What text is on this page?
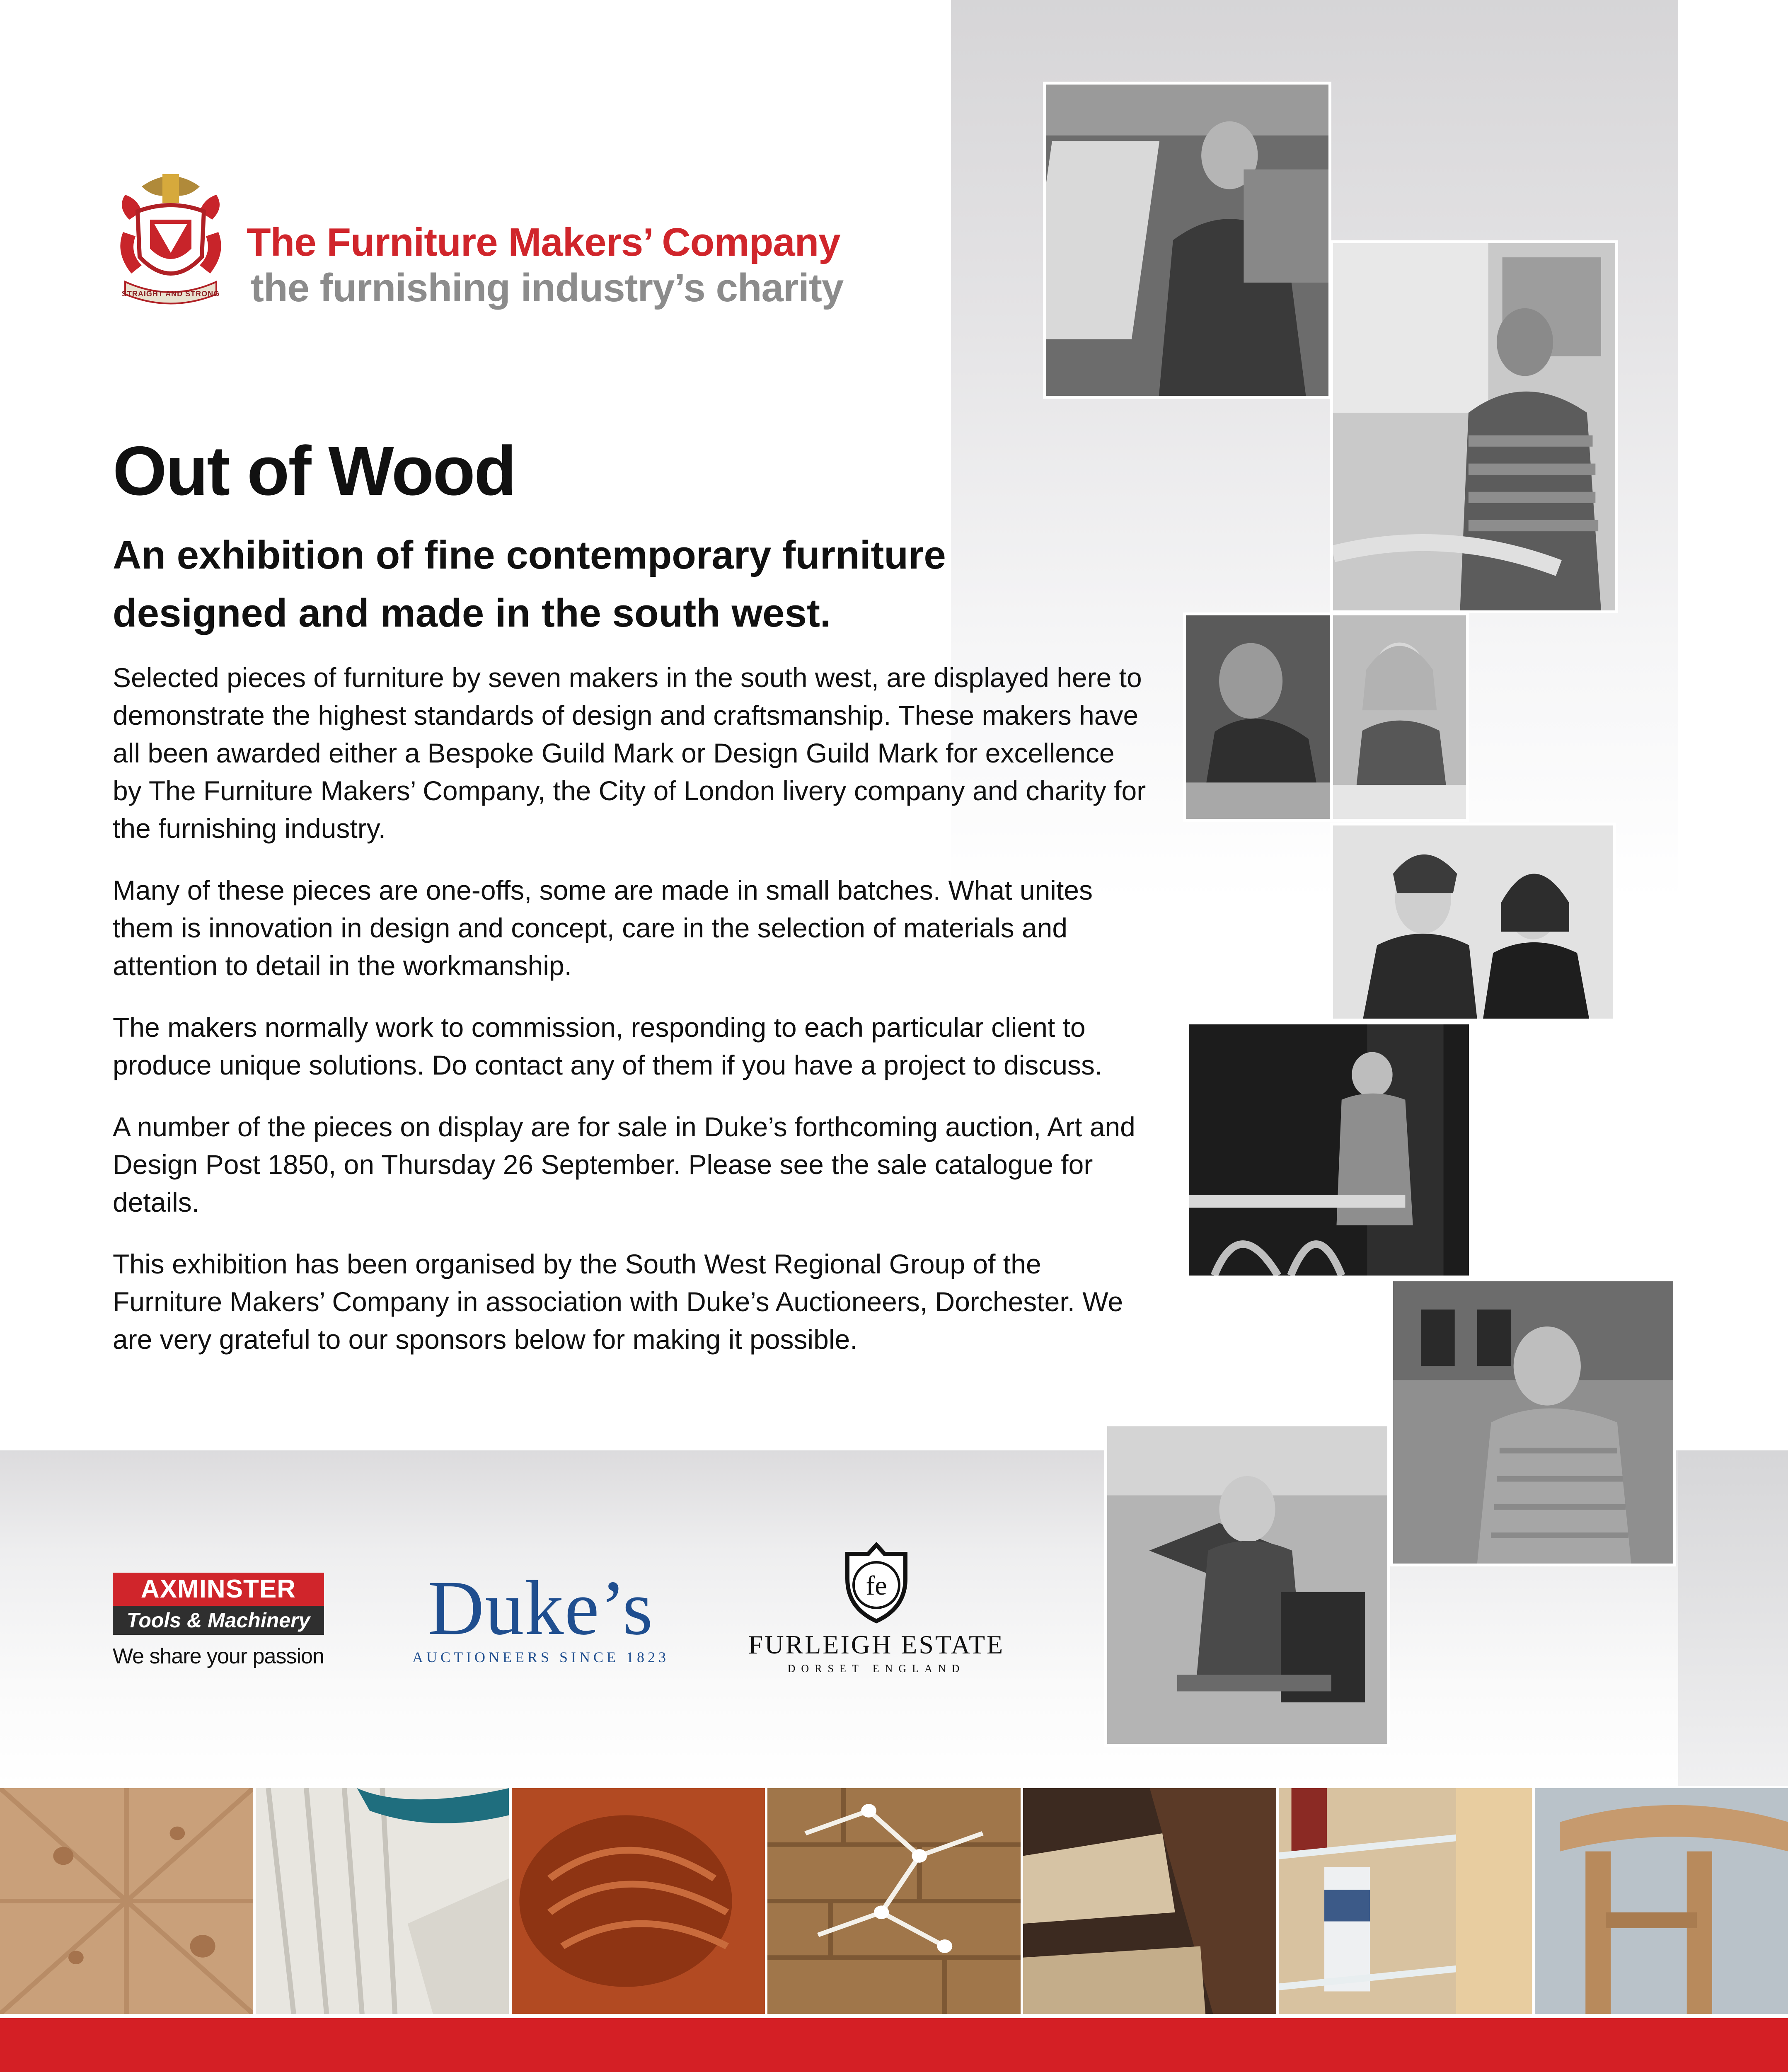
STRAIGHT AND STRONG
The Furniture Makers’ Company
the furnishing industry’s charity
Out of Wood
An exhibition of fine contemporary furniture designed and made in the south west.

Selected pieces of furniture by seven makers in the south west, are displayed here to demonstrate the highest standards of design and craftsmanship. These makers have all been awarded either a Bespoke Guild Mark or Design Guild Mark for excellence by The Furniture Makers’ Company, the City of London livery company and charity for the furnishing industry.

Many of these pieces are one-offs, some are made in small batches. What unites them is innovation in design and concept, care in the selection of materials and attention to detail in the workmanship.

The makers normally work to commission, responding to each particular client to produce unique solutions. Do contact any of them if you have a project to discuss.

A number of the pieces on display are for sale in Duke’s forthcoming auction, Art and Design Post 1850, on Thursday 26 September. Please see the sale catalogue for details.

This exhibition has been organised by the South West Regional Group of the Furniture Makers’ Company in association with Duke’s Auctioneers, Dorchester. We are very grateful to our sponsors below for making it possible.

AXMINSTER
Tools & Machinery
We share your passion
Duke’s
AUCTIONEERS SINCE 1823
fe
FURLEIGH ESTATE
DORSET ENGLAND
